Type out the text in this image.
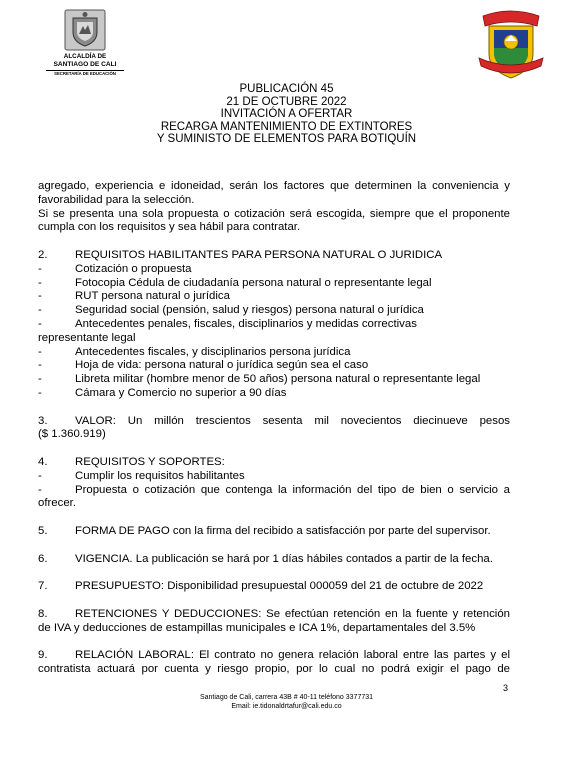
ALCALDÍA DE
SANTIAGO DE CALI
SECRETARÍA DE EDUCACIÓN
PUBLICACIÓN 45
21 DE OCTUBRE 2022
INVITACIÓN A OFERTAR
RECARGA MANTENIMIENTO DE EXTINTORES
Y SUMINISTO DE ELEMENTOS PARA BOTIQUÍN

agregado, experiencia e idoneidad, serán los factores que determinen la conveniencia y favorabilidad para la selección.

Si se presenta una sola propuesta o cotización será escogida, siempre que el proponente cumpla con los requisitos y sea hábil para contratar.

2.	REQUISITOS HABILITANTES PARA PERSONA NATURAL O JURIDICA
-	Cotización o propuesta
-	Fotocopia Cédula de ciudadanía persona natural o representante legal
-	RUT persona natural o jurídica
-	Seguridad social (pensión, salud y riesgos) persona natural o jurídica
-	Antecedentes penales, fiscales, disciplinarios y medidas correctivas

representante legal

-	Antecedentes fiscales, y disciplinarios persona jurídica
-	Hoja de vida: persona natural o jurídica según sea el caso
-	Libreta militar (hombre menor de 50 años) persona natural o representante legal
-	Cámara y Comercio no superior a 90 días
3.	VALOR: Un millón trescientos sesenta mil novecientos diecinueve pesos

($ 1.360.919)

4.	REQUISITOS Y SOPORTES:
-	Cumplir los requisitos habilitantes
-	Propuesta o cotización que contenga la información del tipo de bien o servicio a

ofrecer.

5.	FORMA DE PAGO con la firma del recibido a satisfacción por parte del supervisor.
6.	VIGENCIA. La publicación se hará por 1 días hábiles contados a partir de la fecha.
7.	PRESUPUESTO: Disponibilidad presupuestal 000059 del 21 de octubre de 2022
8.	RETENCIONES Y DEDUCCIONES: Se efectúan retención en la fuente y retención

de IVA y deducciones de estampillas municipales e ICA 1%, departamentales del 3.5%

9.	RELACIÓN LABORAL: El contrato no genera relación laboral entre las partes y el

contratista actuará por cuenta y riesgo propio, por lo cual no podrá exigir el pago de

3
Santiago de Cali, carrera 43B # 40-11 teléfono 3377731
Email: ie.tidonaldrtafur@cali.edu.co
